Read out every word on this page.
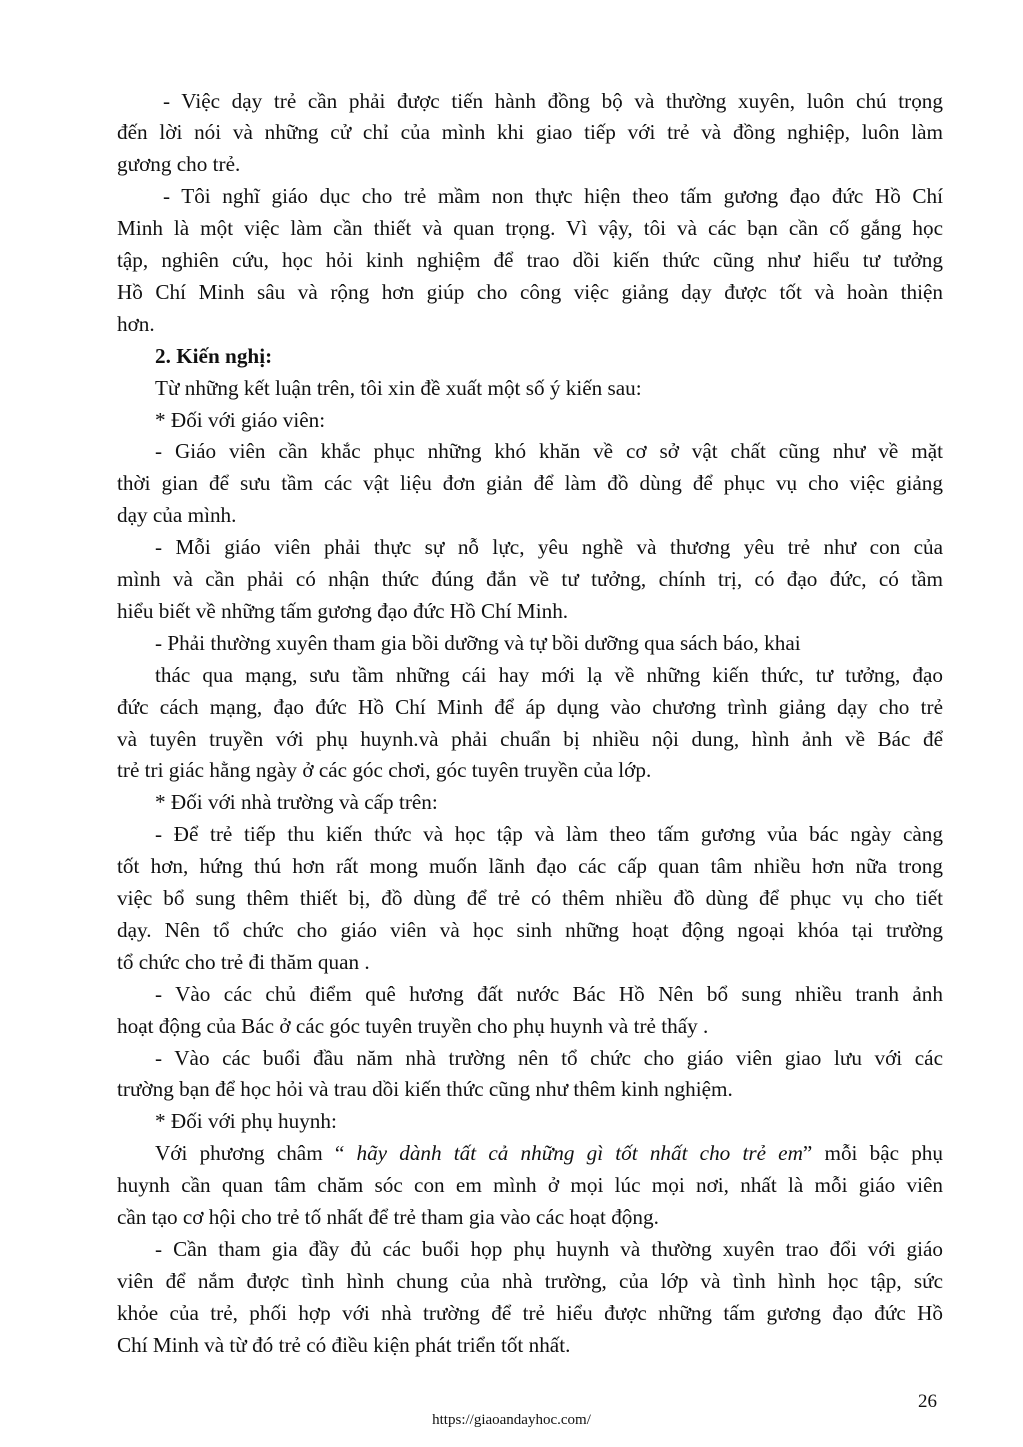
- Việc dạy trẻ cần phải được tiến hành đồng bộ và thường xuyên, luôn chú trọng
đến lời nói và những cử chỉ của mình khi giao tiếp với trẻ và đồng nghiệp, luôn làm
gương cho trẻ.
- Tôi nghĩ giáo dục cho trẻ mầm non thực hiện theo tấm gương đạo đức Hồ Chí
Minh là một việc làm cần thiết và quan trọng. Vì vậy, tôi và các bạn cần cố gắng học
tập, nghiên cứu, học hỏi kinh nghiệm để trao dồi kiến thức cũng như hiểu tư tưởng
Hồ Chí Minh sâu và rộng hơn giúp cho công việc giảng dạy được tốt và hoàn thiện
hơn.
2. Kiến nghị:
Từ những kết luận trên, tôi xin đề xuất một số ý kiến sau:
* Đối với giáo viên:
- Giáo viên cần khắc phục những khó khăn về cơ sở vật chất cũng như về mặt
thời gian để sưu tầm các vật liệu đơn giản để làm đồ dùng để phục vụ cho việc giảng
dạy của mình.
- Mỗi giáo viên phải thực sự nỗ lực, yêu nghề và thương yêu trẻ như con của
mình và cần phải có nhận thức đúng đắn về tư tưởng, chính trị, có đạo đức, có tầm
hiểu biết về những tấm gương đạo đức Hồ Chí Minh.
- Phải thường xuyên tham gia bồi dưỡng và tự bồi dưỡng qua sách báo, khai
thác qua mạng, sưu tầm những cái hay mới lạ về những kiến thức, tư tưởng, đạo
đức cách mạng, đạo đức Hồ Chí Minh để áp dụng vào chương trình giảng dạy cho trẻ
và tuyên truyền với phụ huynh.và phải chuẩn bị nhiều nội dung, hình ảnh về Bác để
trẻ tri giác hằng ngày ở các góc chơi, góc tuyên truyền của lớp.
* Đối với nhà trường và cấp trên:
- Để trẻ tiếp thu kiến thức và học tập và làm theo tấm gương vủa bác ngày càng
tốt hơn, hứng thú hơn rất mong muốn lãnh đạo các cấp quan tâm nhiều hơn nữa trong
việc bổ sung thêm thiết bị, đồ dùng để trẻ có thêm nhiều đồ dùng để phục vụ cho tiết
dạy. Nên tổ chức cho giáo viên và học sinh những hoạt động ngoại khóa tại trường
tổ chức cho trẻ đi thăm quan .
- Vào các chủ điểm quê hương đất nước Bác Hồ Nên bổ sung nhiều tranh ảnh
hoạt động của Bác ở các góc tuyên truyền cho phụ huynh và trẻ thấy .
- Vào các buổi đầu năm nhà trường nên tổ chức cho giáo viên giao lưu với các
trường bạn để học hỏi và trau dồi kiến thức cũng như thêm kinh nghiệm.
* Đối với phụ huynh:
Với phương châm “ hãy dành tất cả những gì tốt nhất cho trẻ em” mỗi bậc phụ
huynh cần quan tâm chăm sóc con em mình ở mọi lúc mọi nơi, nhất là mỗi giáo viên
cần tạo cơ hội cho trẻ tố nhất để trẻ tham gia vào các hoạt động.
- Cần tham gia đầy đủ các buổi họp phụ huynh và thường xuyên trao đổi với giáo
viên để nắm được tình hình chung của nhà trường, của lớp và tình hình học tập, sức
khỏe của trẻ, phối hợp với nhà trường để trẻ hiểu được những tấm gương đạo đức Hồ
Chí Minh và từ đó trẻ có điều kiện phát triển tốt nhất.
26
https://giaoandayhoc.com/
